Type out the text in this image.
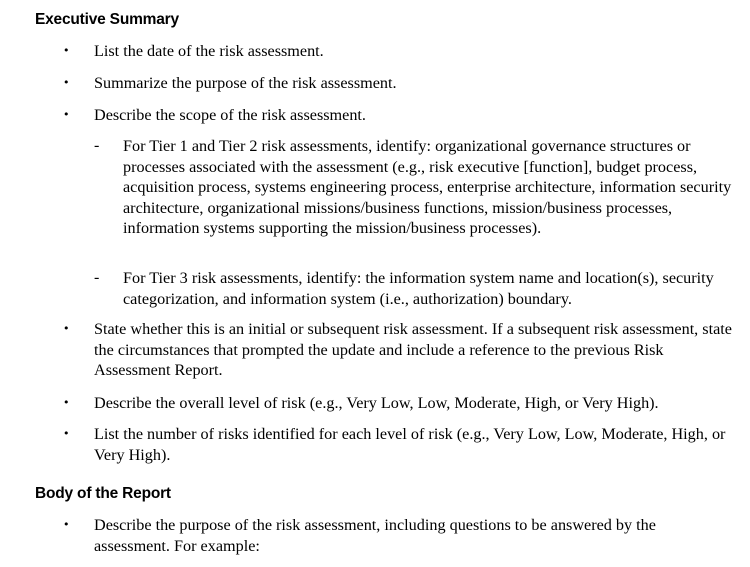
Executive Summary
• List the date of the risk assessment.
• Summarize the purpose of the risk assessment.
• Describe the scope of the risk assessment.
- For Tier 1 and Tier 2 risk assessments, identify: organizational governance structures or processes associated with the assessment (e.g., risk executive [function], budget process, acquisition process, systems engineering process, enterprise architecture, information security architecture, organizational missions/business functions, mission/business processes, information systems supporting the mission/business processes).
- For Tier 3 risk assessments, identify: the information system name and location(s), security categorization, and information system (i.e., authorization) boundary.
• State whether this is an initial or subsequent risk assessment. If a subsequent risk assessment, state the circumstances that prompted the update and include a reference to the previous Risk Assessment Report.
• Describe the overall level of risk (e.g., Very Low, Low, Moderate, High, or Very High).
• List the number of risks identified for each level of risk (e.g., Very Low, Low, Moderate, High, or Very High).
Body of the Report
• Describe the purpose of the risk assessment, including questions to be answered by the assessment. For example:
